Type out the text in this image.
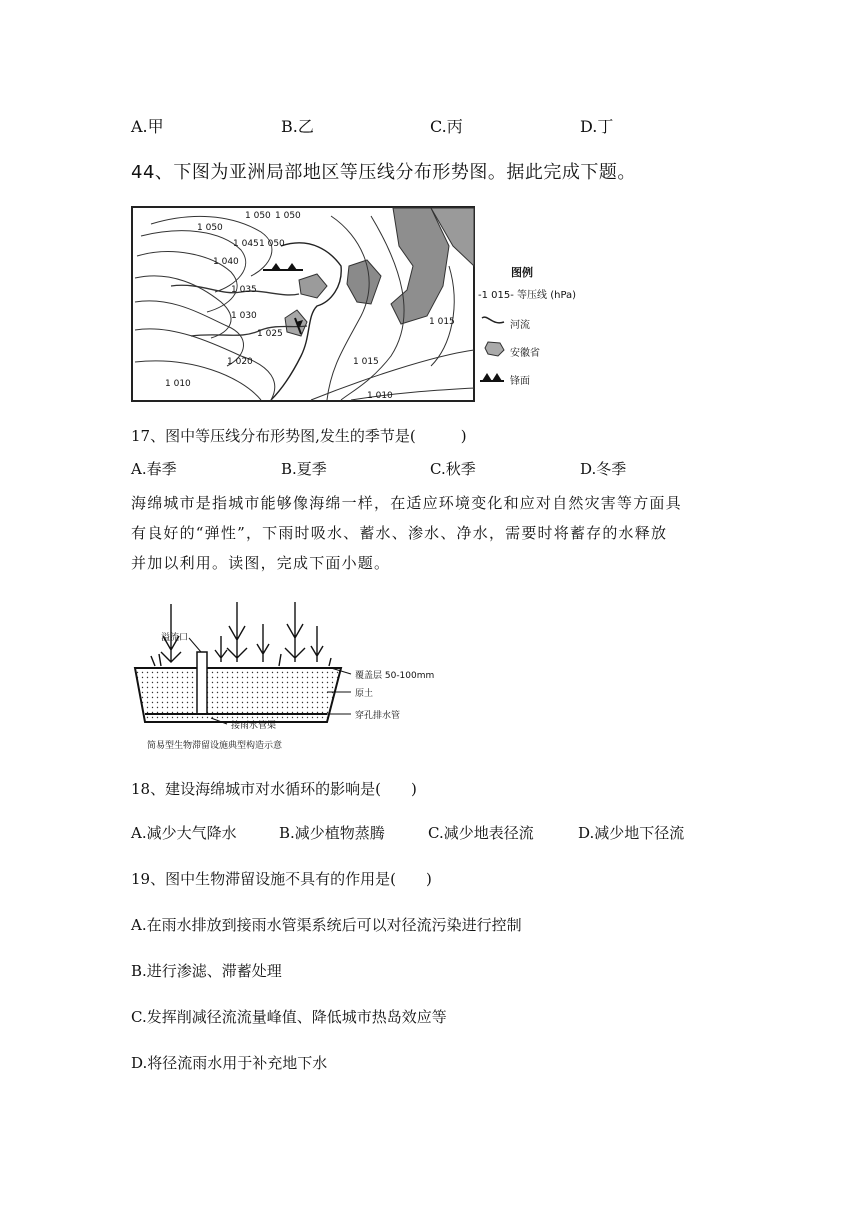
A.甲	B.乙	C.丙	D.丁
44、下图为亚洲局部地区等压线分布形势图。据此完成下题。
1 050 1 050
1 050
1 045 1 050
1 040
1 035
1 030
1 025
1 020
1 010
1 015
1 015
1 010
图例
-1 015- 等压线 (hPa)
河流
安徽省
锋面
17、图中等压线分布形势图,发生的季节是(　　　)
A.春季	B.夏季	C.秋季	D.冬季
海绵城市是指城市能够像海绵一样，在适应环境变化和应对自然灾害等方面具
有良好的“弹性”，下雨时吸水、蓄水、渗水、净水，需要时将蓄存的水释放
并加以利用。读图，完成下面小题。
溢流口
覆盖层 50-100mm
原土
穿孔排水管
接雨水管渠
简易型生物滞留设施典型构造示意
18、建设海绵城市对水循环的影响是(　　)
A.减少大气降水	B.减少植物蒸腾	C.减少地表径流	D.减少地下径流
19、图中生物滞留设施不具有的作用是(　　)
A.在雨水排放到接雨水管渠系统后可以对径流污染进行控制
B.进行渗滤、滞蓄处理
C.发挥削减径流流量峰值、降低城市热岛效应等
D.将径流雨水用于补充地下水
